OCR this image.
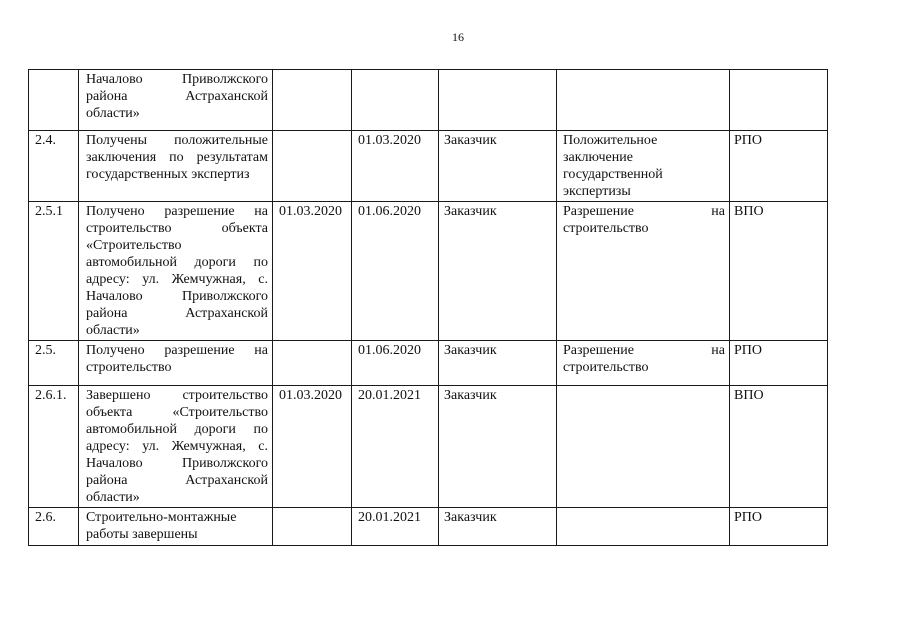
16
	Началово Приволжского района Астраханской области»					
2.4.	Получены положительные заключения по результатам государственных экспертиз		01.03.2020	Заказчик	Положительное заключение государственной экспертизы	РПО
2.5.1	Получено разрешение на строительство объекта «Строительство автомобильной дороги по адресу: ул. Жемчужная, с. Началово Приволжского района Астраханской области»	01.03.2020	01.06.2020	Заказчик	Разрешение на строительство	ВПО
2.5.	Получено разрешение на строительство		01.06.2020	Заказчик	Разрешение на строительство	РПО
2.6.1.	Завершено строительство объекта «Строительство автомобильной дороги по адресу: ул. Жемчужная, с. Началово Приволжского района Астраханской области»	01.03.2020	20.01.2021	Заказчик		ВПО
2.6.	Строительно-монтажные работы завершены		20.01.2021	Заказчик		РПО
